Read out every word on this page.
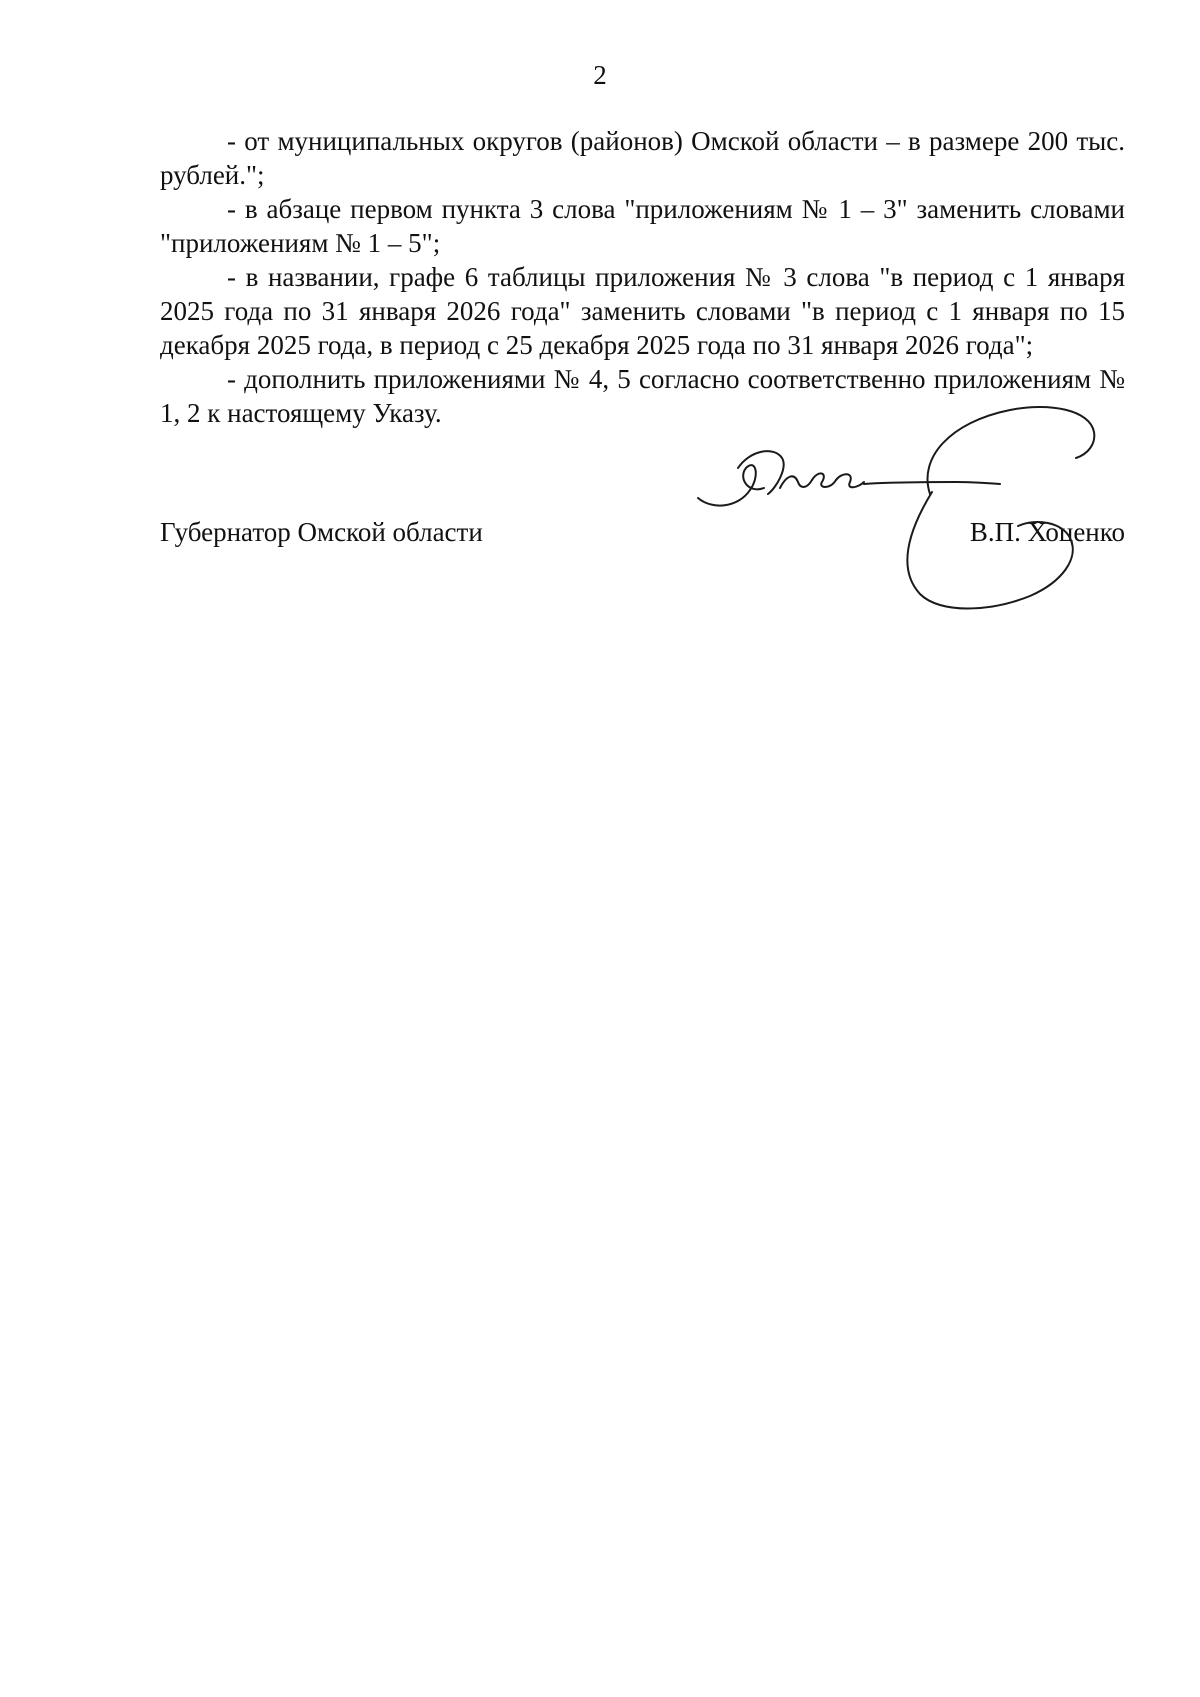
2

- от муниципальных округов (районов) Омской области – в размере 200 тыс. рублей.";

- в абзаце первом пункта 3 слова "приложениям № 1 – 3" заменить словами "приложениям № 1 – 5";

- в названии, графе 6 таблицы приложения № 3 слова "в период с 1 января 2025 года по 31 января 2026 года" заменить словами "в период с 1 января по 15 декабря 2025 года, в период с 25 декабря 2025 года по 31 января 2026 года";

- дополнить приложениями № 4, 5 согласно соответственно приложениям № 1, 2 к настоящему Указу.

Губернатор Омской области	В.П. Хоценко
